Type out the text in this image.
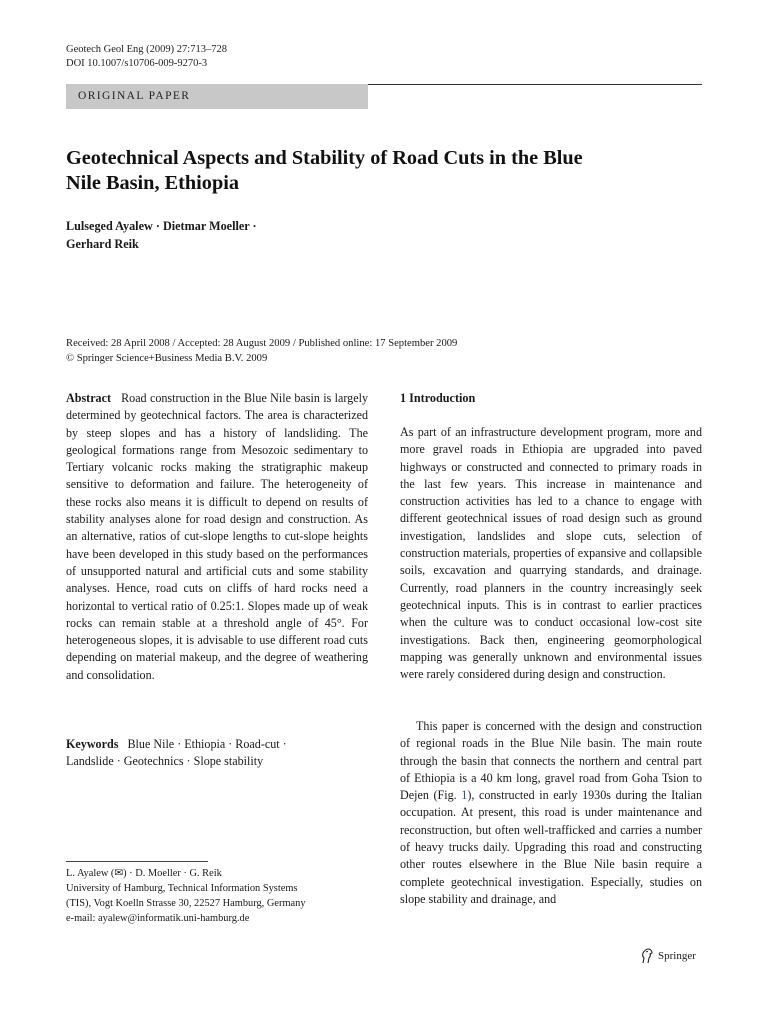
Geotech Geol Eng (2009) 27:713–728
DOI 10.1007/s10706-009-9270-3
ORIGINAL PAPER
Geotechnical Aspects and Stability of Road Cuts in the Blue
Nile Basin, Ethiopia
Lulseged Ayalew · Dietmar Moeller ·
Gerhard Reik
Received: 28 April 2008 / Accepted: 28 August 2009 / Published online: 17 September 2009
© Springer Science+Business Media B.V. 2009
Abstract Road construction in the Blue Nile basin is largely determined by geotechnical factors. The area is characterized by steep slopes and has a history of landsliding. The geological formations range from Mesozoic sedimentary to Tertiary volcanic rocks making the stratigraphic makeup sensitive to deformation and failure. The heterogeneity of these rocks also means it is difficult to depend on results of stability analyses alone for road design and construction. As an alternative, ratios of cut-slope lengths to cut-slope heights have been developed in this study based on the performances of unsupported natural and artificial cuts and some stability analyses. Hence, road cuts on cliffs of hard rocks need a horizontal to vertical ratio of 0.25:1. Slopes made up of weak rocks can remain stable at a threshold angle of 45°. For heterogeneous slopes, it is advisable to use different road cuts depending on material makeup, and the degree of weathering and consolidation.
Keywords Blue Nile · Ethiopia · Road-cut · Landslide · Geotechnics · Slope stability
L. Ayalew (✉) · D. Moeller · G. Reik
University of Hamburg, Technical Information Systems
(TIS), Vogt Koelln Strasse 30, 22527 Hamburg, Germany
e-mail: ayalew@informatik.uni-hamburg.de
1 Introduction
As part of an infrastructure development program, more and more gravel roads in Ethiopia are upgraded into paved highways or constructed and connected to primary roads in the last few years. This increase in maintenance and construction activities has led to a chance to engage with different geotechnical issues of road design such as ground investigation, landslides and slope cuts, selection of construction materials, properties of expansive and collapsible soils, excavation and quarrying standards, and drainage. Currently, road planners in the country increasingly seek geotechnical inputs. This is in contrast to earlier practices when the culture was to conduct occasional low-cost site investigations. Back then, engineering geomorphological mapping was generally unknown and environmental issues were rarely considered during design and construction.
This paper is concerned with the design and construction of regional roads in the Blue Nile basin. The main route through the basin that connects the northern and central part of Ethiopia is a 40 km long, gravel road from Goha Tsion to Dejen (Fig. 1), constructed in early 1930s during the Italian occupation. At present, this road is under maintenance and reconstruction, but often well-trafficked and carries a number of heavy trucks daily. Upgrading this road and constructing other routes elsewhere in the Blue Nile basin require a complete geotechnical investigation. Especially, studies on slope stability and drainage, and
Springer
